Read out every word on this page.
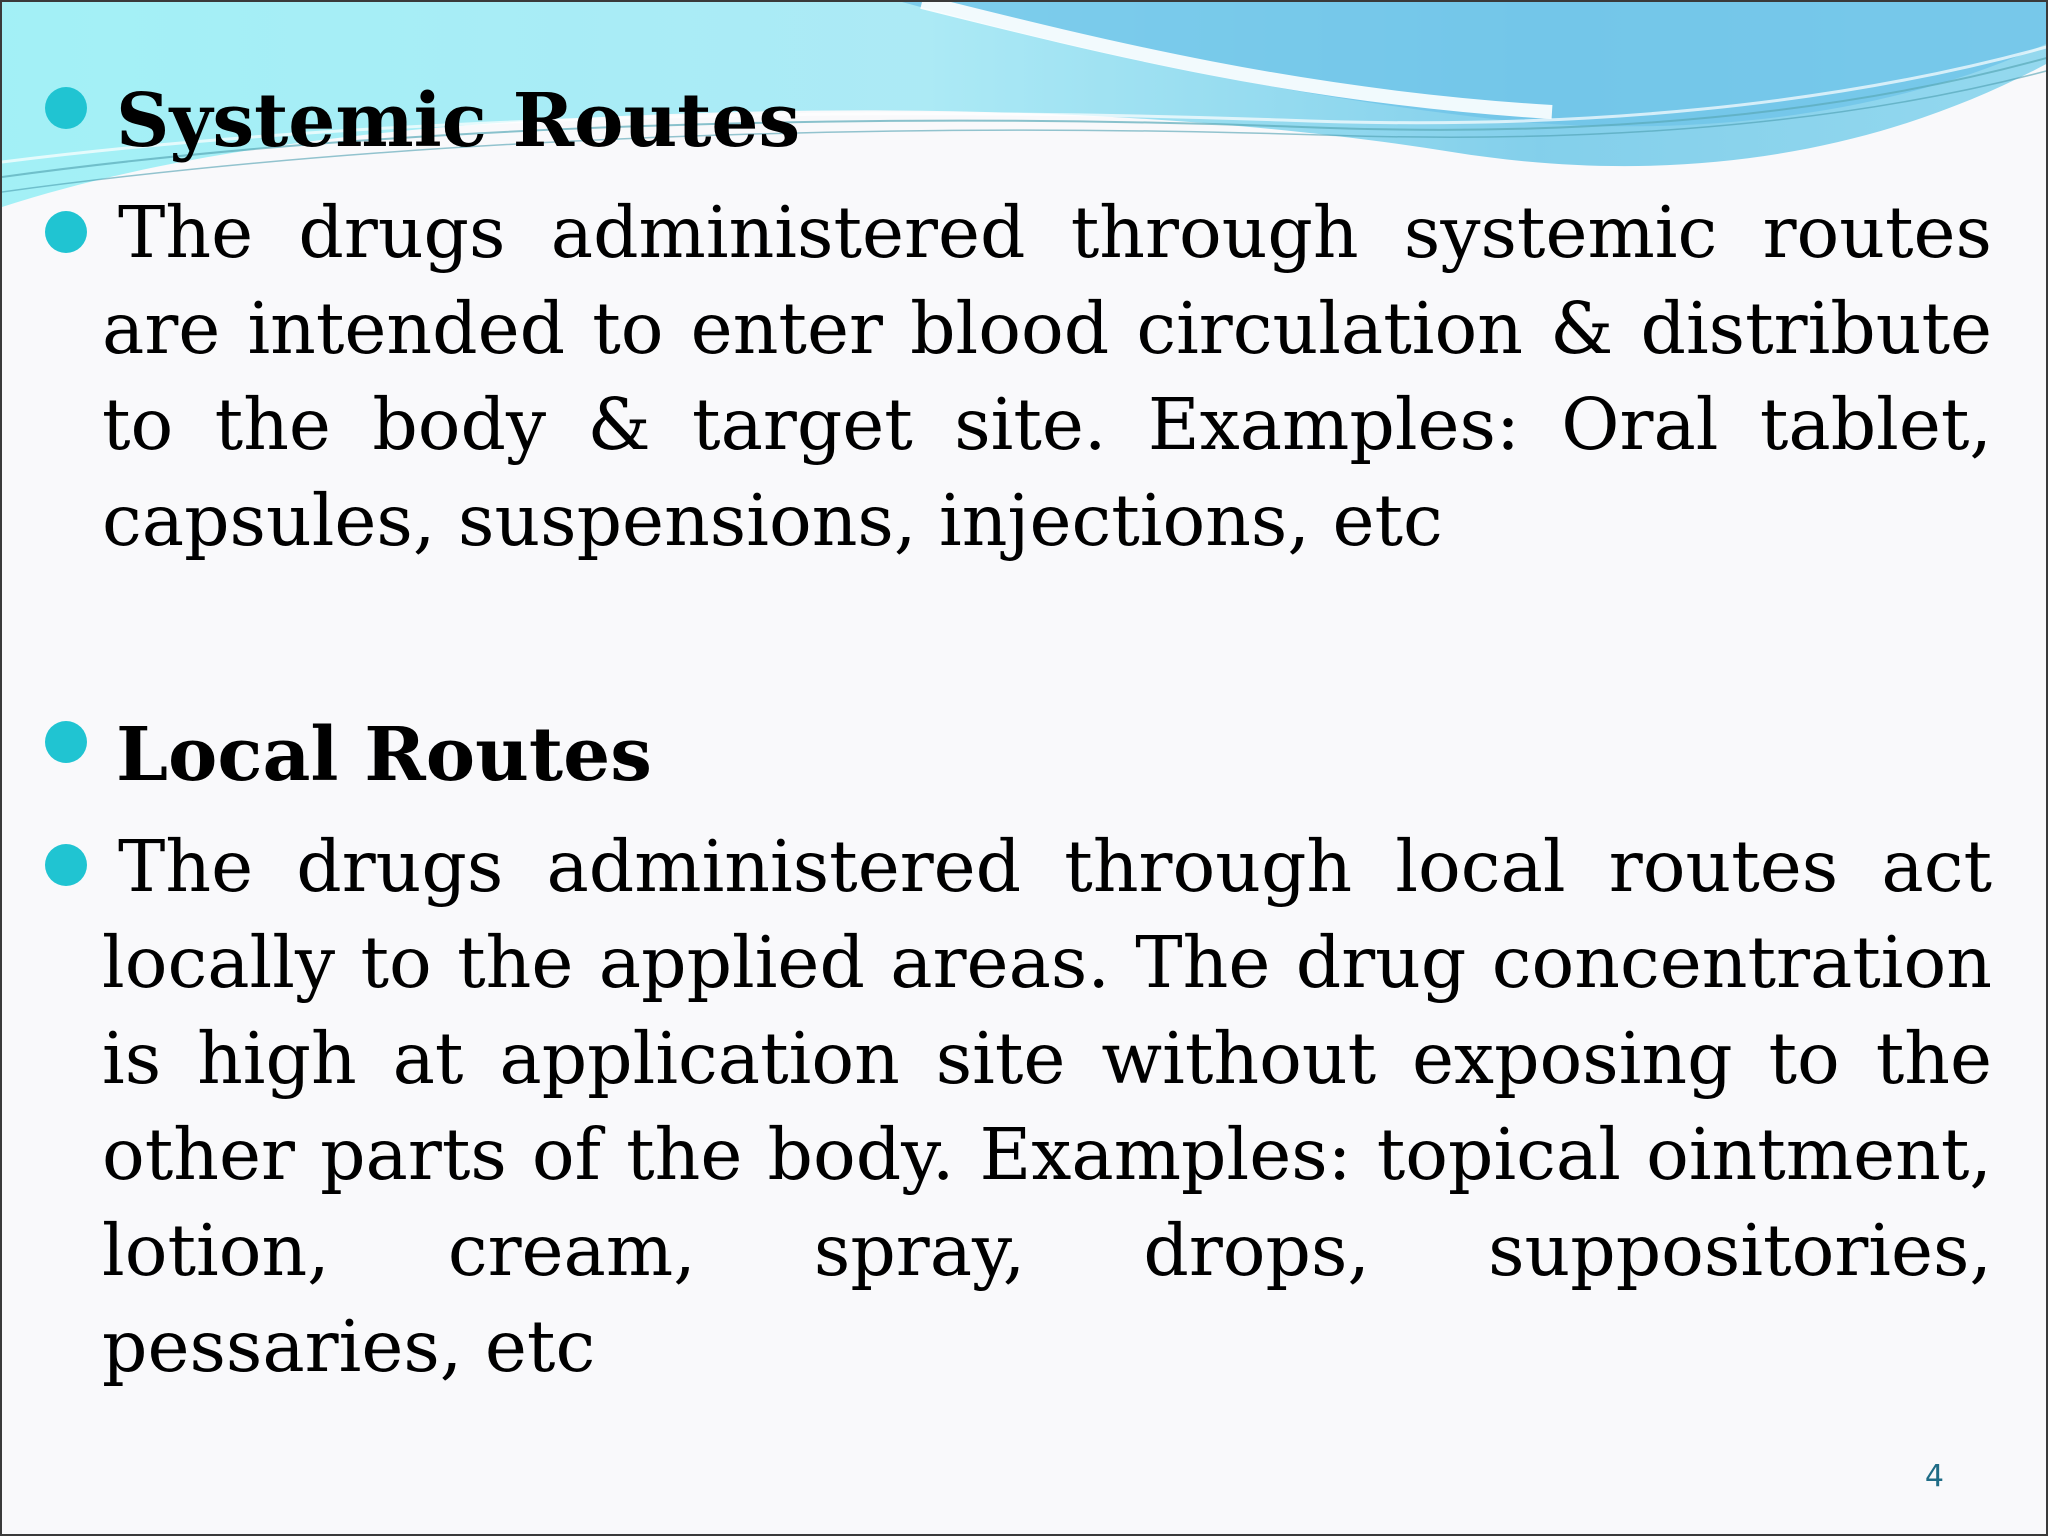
Systemic Routes
The drugs administered through systemic routes are intended to enter blood circulation & distribute to the body & target site. Examples: Oral tablet, capsules, suspensions, injections, etc
Local Routes
The drugs administered through local routes act locally to the applied areas. The drug concentration is high at application site without exposing to the other parts of the body. Examples: topical ointment, lotion, cream, spray, drops, suppositories, pessaries, etc
4
